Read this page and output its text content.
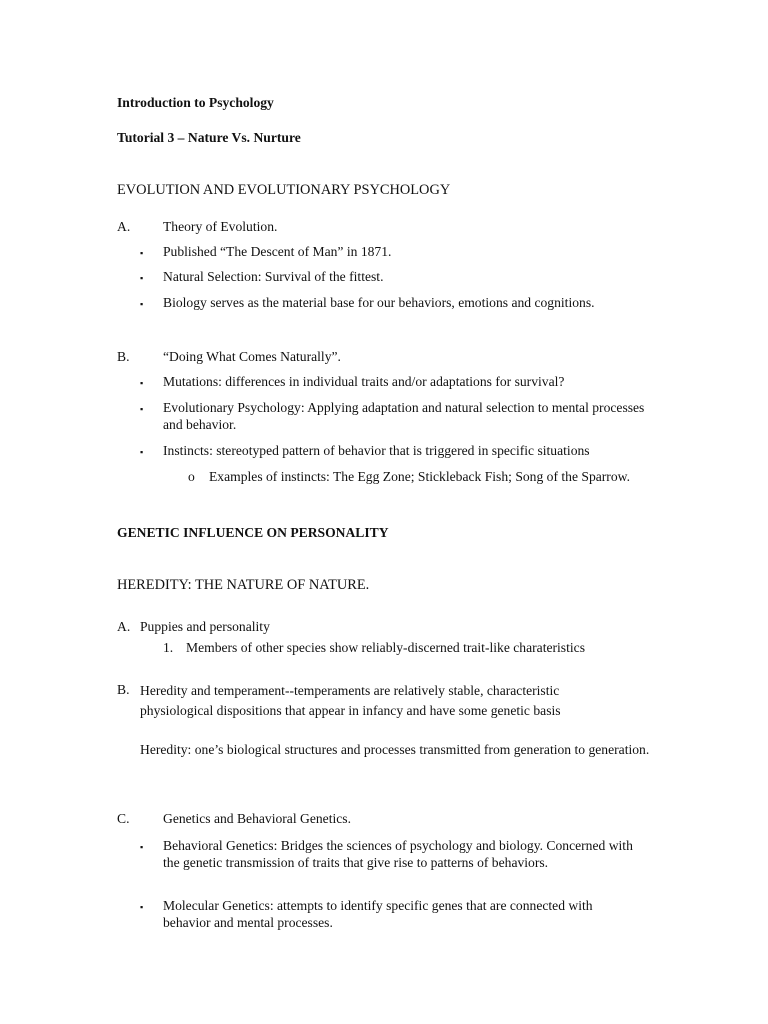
Introduction to Psychology
Tutorial 3 – Nature Vs. Nurture
EVOLUTION AND EVOLUTIONARY PSYCHOLOGY
A. Theory of Evolution.
▪ Published “The Descent of Man” in 1871.
▪ Natural Selection: Survival of the fittest.
▪ Biology serves as the material base for our behaviors, emotions and cognitions.
B. “Doing What Comes Naturally”.
▪ Mutations: differences in individual traits and/or adaptations for survival?
▪ Evolutionary Psychology: Applying adaptation and natural selection to mental processes and behavior.
▪ Instincts: stereotyped pattern of behavior that is triggered in specific situations
o Examples of instincts: The Egg Zone; Stickleback Fish; Song of the Sparrow.
GENETIC INFLUENCE ON PERSONALITY
HEREDITY: THE NATURE OF NATURE.
A. Puppies and personality
1. Members of other species show reliably-discerned trait-like charateristics
B. Heredity and temperament--temperaments are relatively stable, characteristic physiological dispositions that appear in infancy and have some genetic basis
Heredity: one’s biological structures and processes transmitted from generation to generation.
C. Genetics and Behavioral Genetics.
▪ Behavioral Genetics: Bridges the sciences of psychology and biology. Concerned with the genetic transmission of traits that give rise to patterns of behaviors.
▪ Molecular Genetics: attempts to identify specific genes that are connected with behavior and mental processes.
